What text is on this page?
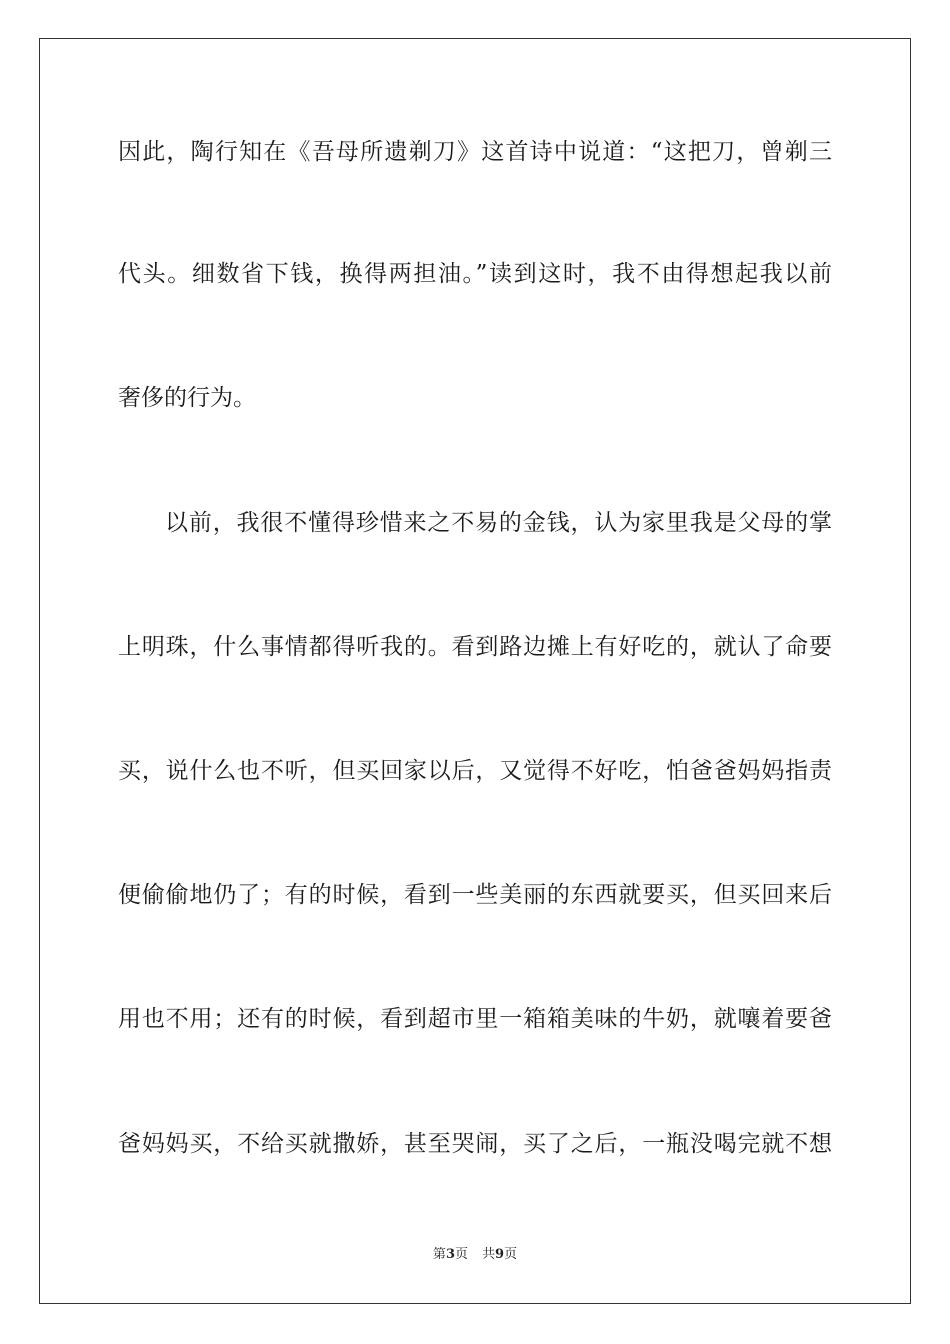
因此，陶行知在《吾母所遗剃刀》这首诗中说道：“这把刀，曾剃三
代头。细数省下钱，换得两担油。”读到这时，我不由得想起我以前
奢侈的行为。
以前，我很不懂得珍惜来之不易的金钱，认为家里我是父母的掌
上明珠，什么事情都得听我的。看到路边摊上有好吃的，就认了命要
买，说什么也不听，但买回家以后，又觉得不好吃，怕爸爸妈妈指责
便偷偷地仍了；有的时候，看到一些美丽的东西就要买，但买回来后
用也不用；还有的时候，看到超市里一箱箱美味的牛奶，就嚷着要爸
爸妈妈买，不给买就撒娇，甚至哭闹，买了之后，一瓶没喝完就不想
第3页 共9页
